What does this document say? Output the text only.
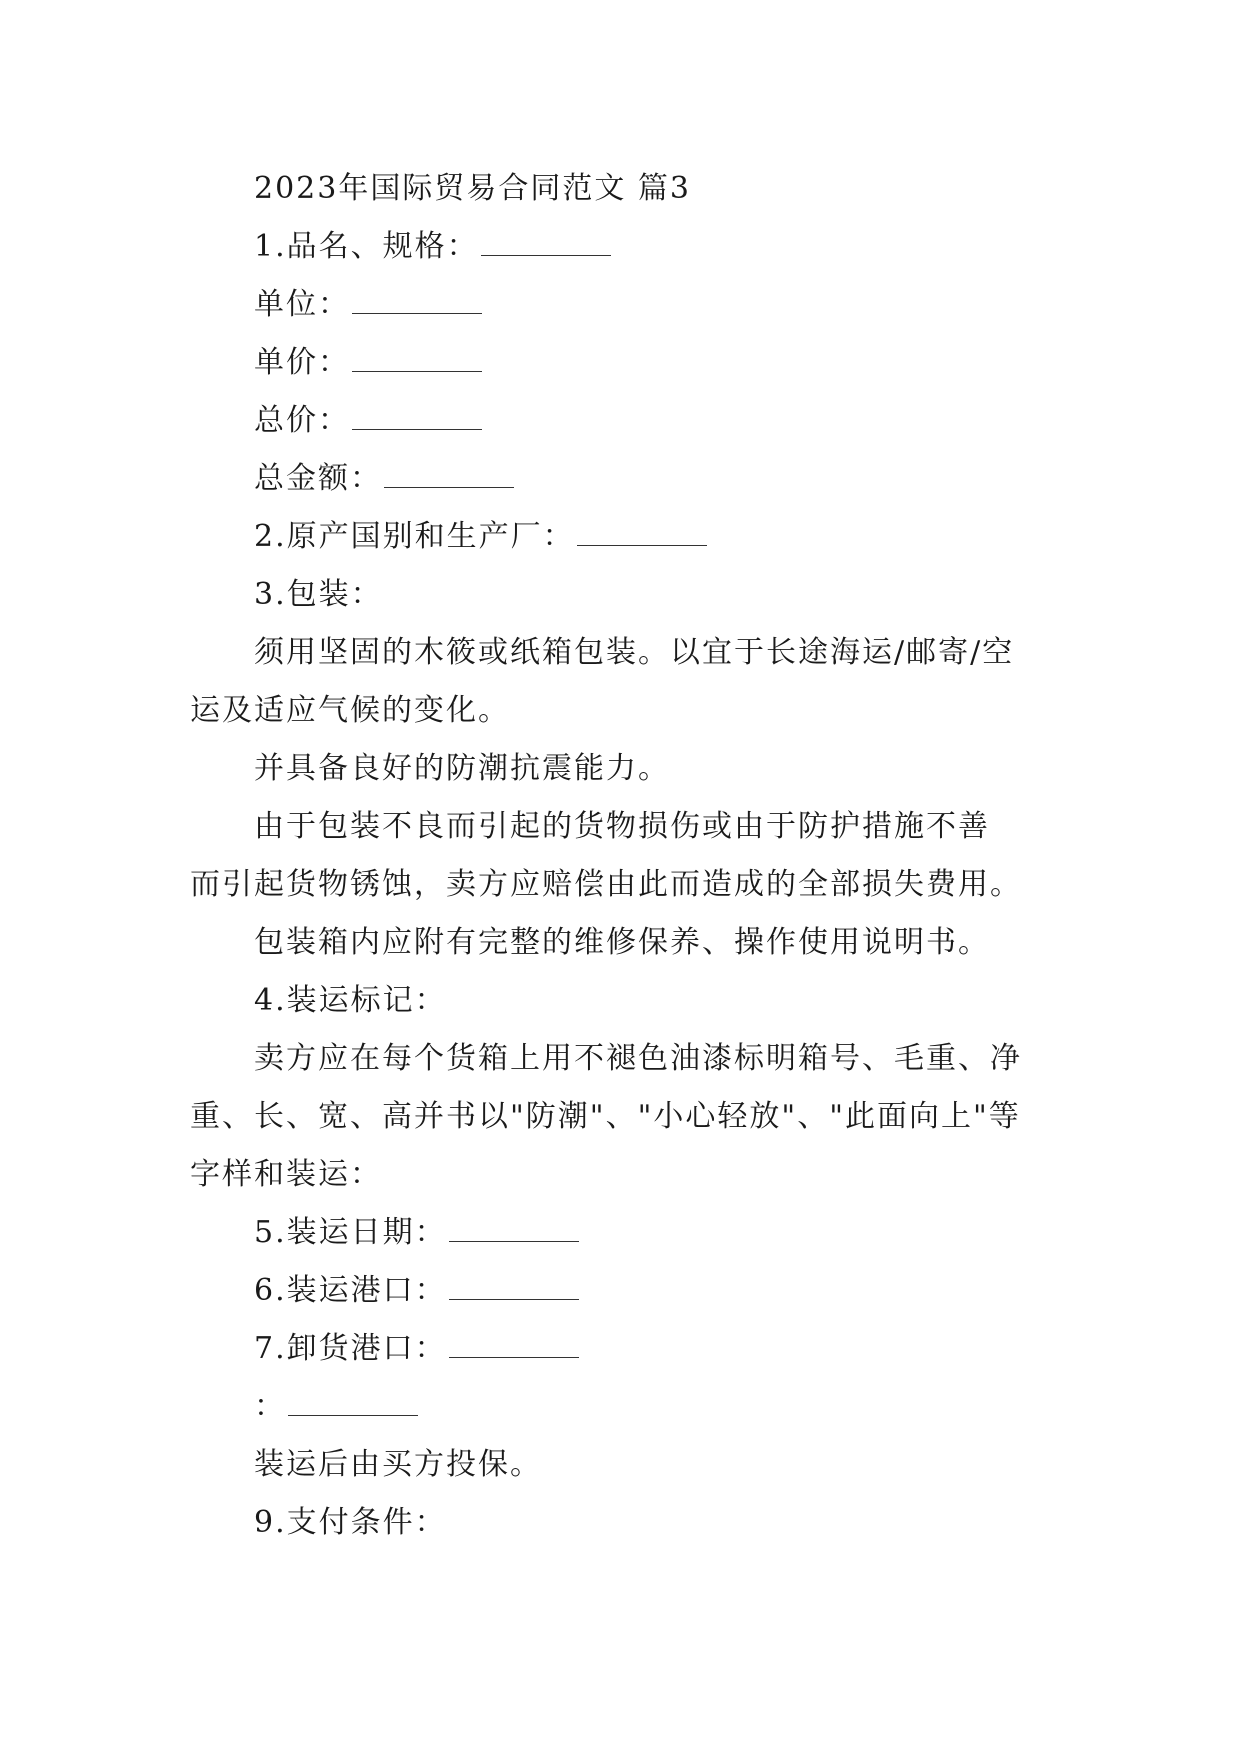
2023年国际贸易合同范文 篇3
1.品名、规格：
单位：
单价：
总价：
总金额：
2.原产国别和生产厂：
3.包装：
须用坚固的木筱或纸箱包装。以宜于长途海运/邮寄/空
运及适应气候的变化。
并具备良好的防潮抗震能力。
由于包装不良而引起的货物损伤或由于防护措施不善
而引起货物锈蚀，卖方应赔偿由此而造成的全部损失费用。
包装箱内应附有完整的维修保养、操作使用说明书。
4.装运标记：
卖方应在每个货箱上用不褪色油漆标明箱号、毛重、净
重、长、宽、高并书以"防潮"、"小心轻放"、"此面向上"等
字样和装运：
5.装运日期：
6.装运港口：
7.卸货港口：
：
装运后由买方投保。
9.支付条件：
